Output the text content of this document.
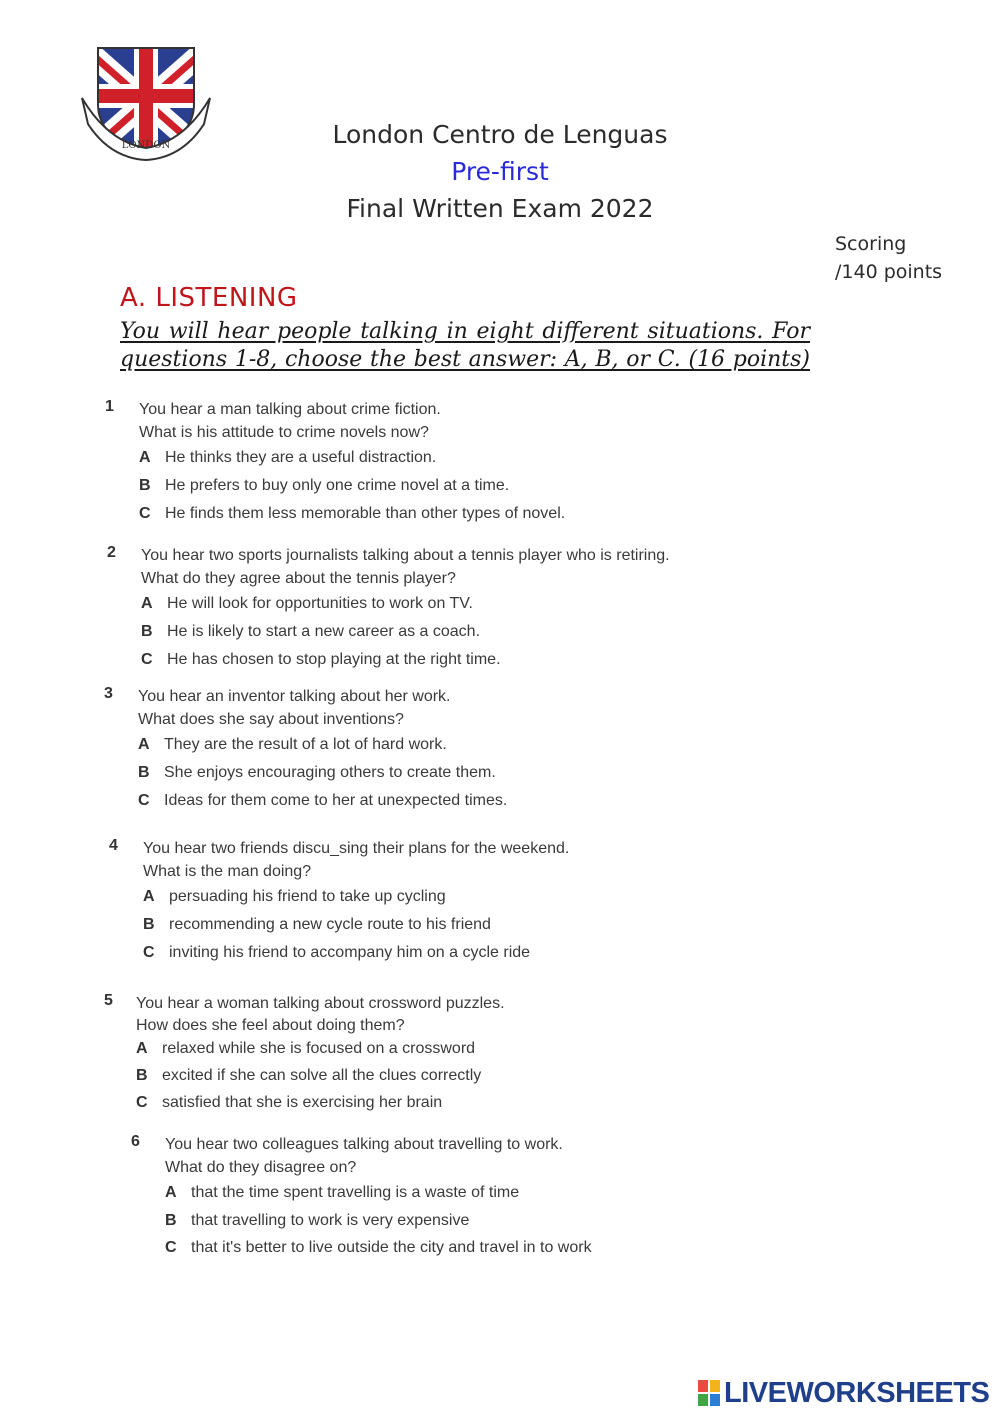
LONDON	London Centro de Lenguas
Pre-first
Final Written Exam 2022
Scoring
/140 points
A. LISTENING
You will hear people talking in eight different situations. For
questions 1-8, choose the best answer: A, B, or C. (16 points)
1 You hear a man talking about crime fiction.
What is his attitude to crime novels now?
A He thinks they are a useful distraction.
B He prefers to buy only one crime novel at a time.
C He finds them less memorable than other types of novel.
2 You hear two sports journalists talking about a tennis player who is retiring.
What do they agree about the tennis player?
A He will look for opportunities to work on TV.
B He is likely to start a new career as a coach.
C He has chosen to stop playing at the right time.
3 You hear an inventor talking about her work.
What does she say about inventions?
A They are the result of a lot of hard work.
B She enjoys encouraging others to create them.
C Ideas for them come to her at unexpected times.
4 You hear two friends discu_sing their plans for the weekend.
What is the man doing?
A persuading his friend to take up cycling
B recommending a new cycle route to his friend
C inviting his friend to accompany him on a cycle ride
5 You hear a woman talking about crossword puzzles.
How does she feel about doing them?
A relaxed while she is focused on a crossword
B excited if she can solve all the clues correctly
C satisfied that she is exercising her brain
6 You hear two colleagues talking about travelling to work.
What do they disagree on?
A that the time spent travelling is a waste of time
B that travelling to work is very expensive
C that it's better to live outside the city and travel in to work
LIVEWORKSHEETS
